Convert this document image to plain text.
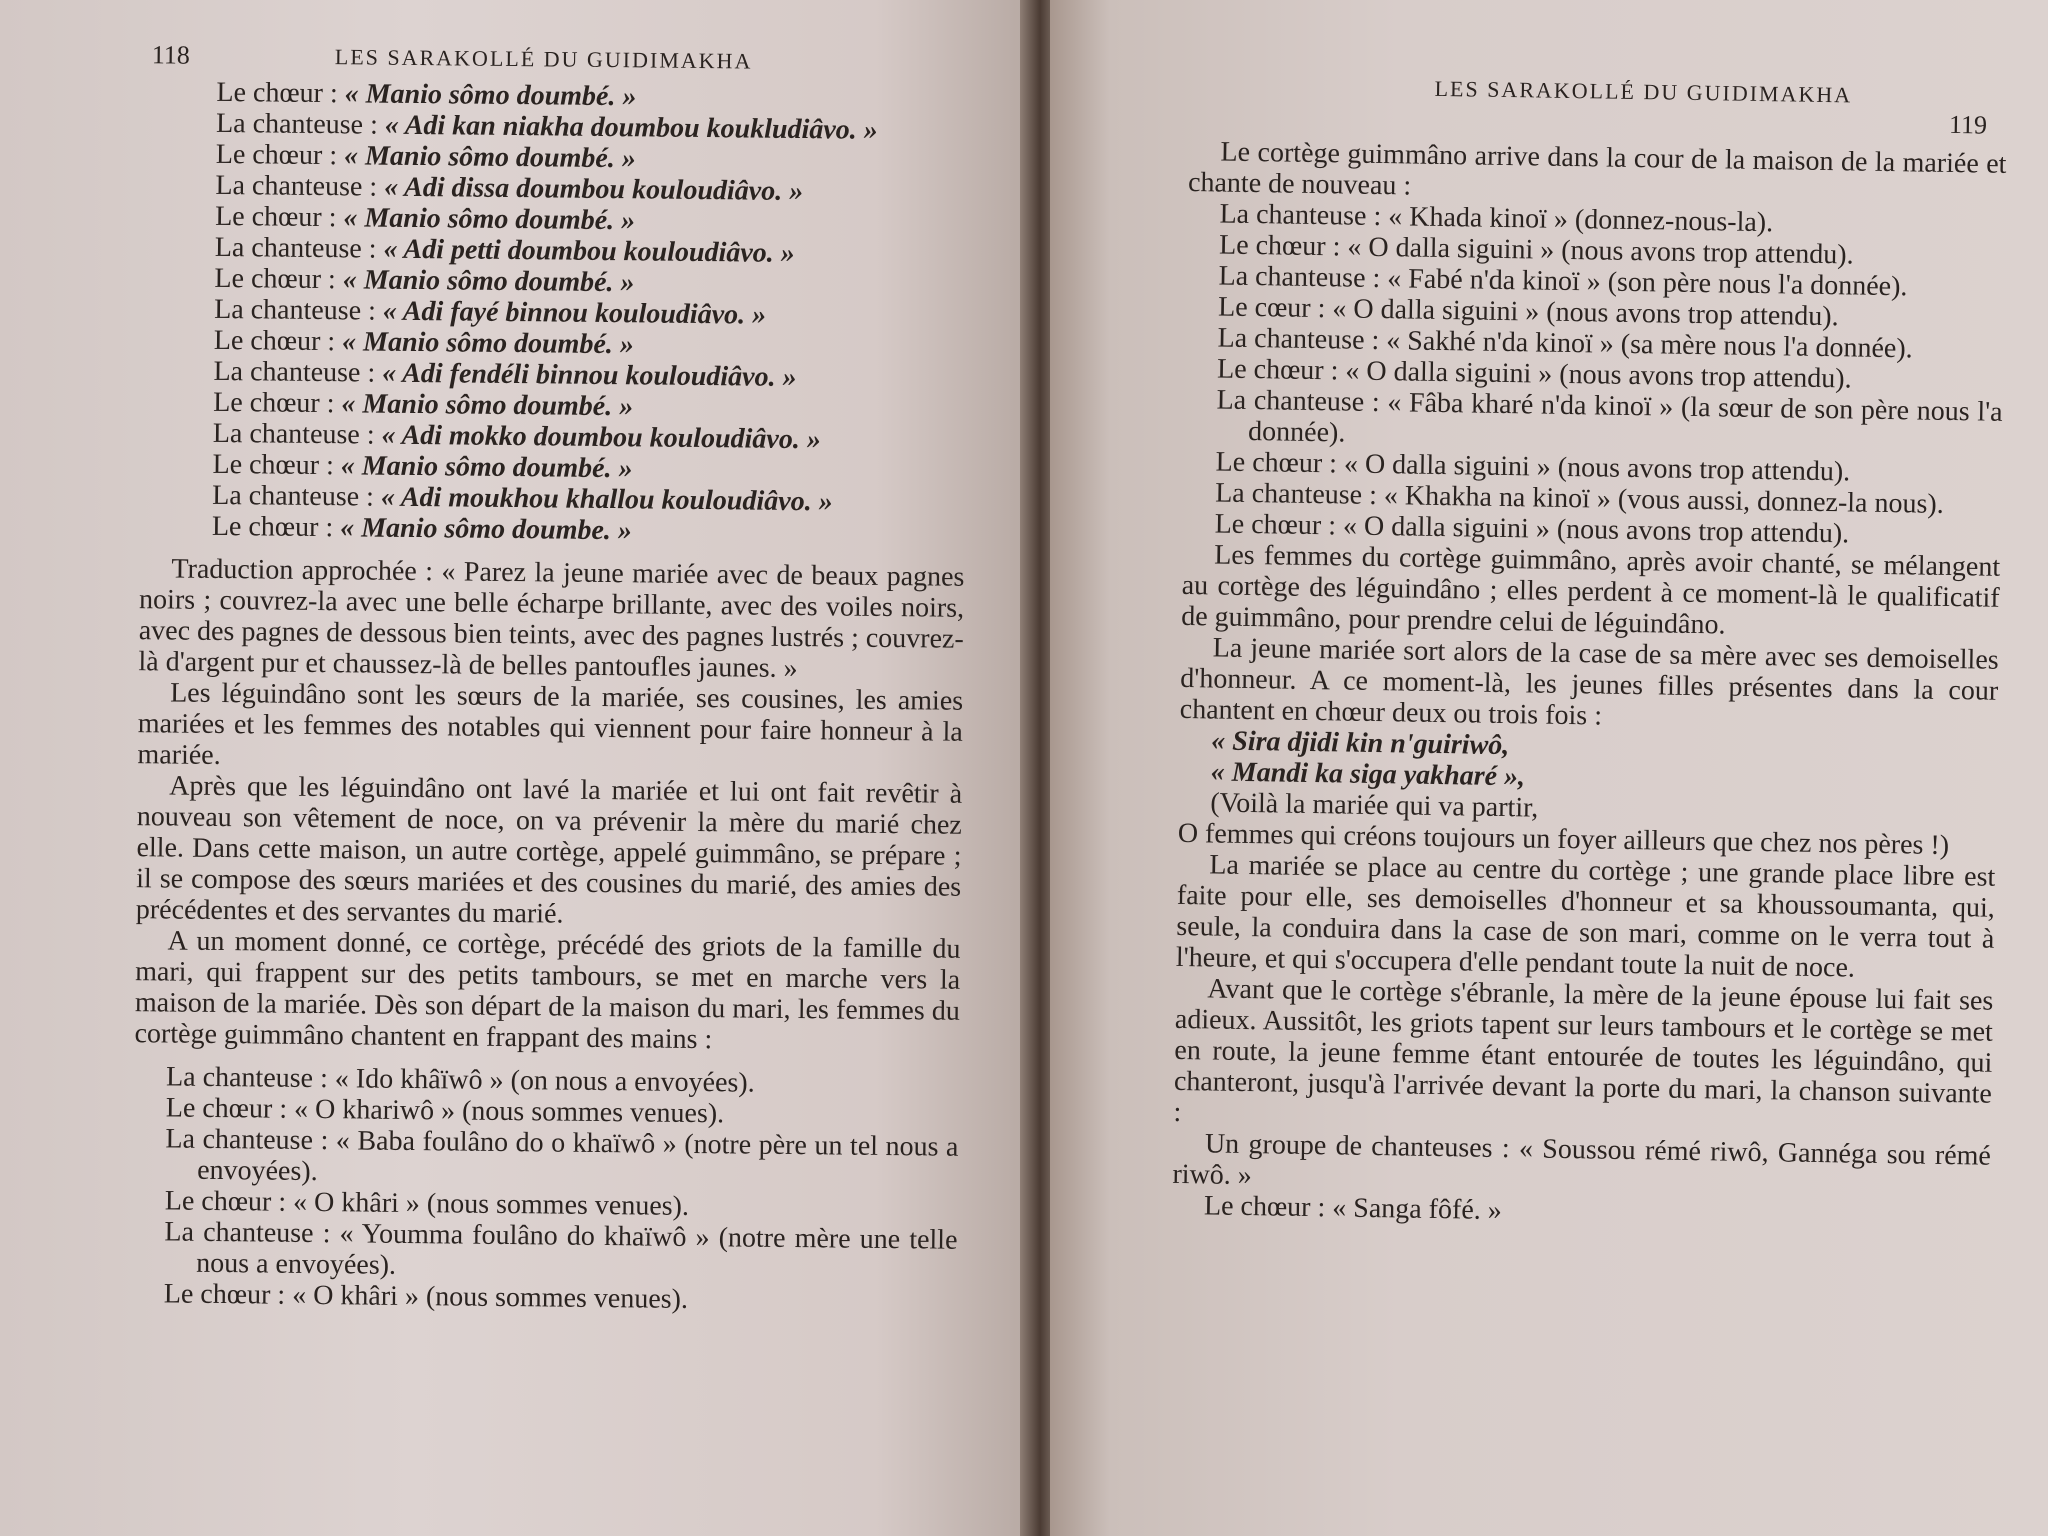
118	LES SARAKOLLÉ DU GUIDIMAKHA
Le chœur : « Manio sômo doumbé. »
La chanteuse : « Adi kan niakha doumbou koukludiâvo. »
Le chœur : « Manio sômo doumbé. »
La chanteuse : « Adi dissa doumbou kouloudiâvo. »
Le chœur : « Manio sômo doumbé. »
La chanteuse : « Adi petti doumbou kouloudiâvo. »
Le chœur : « Manio sômo doumbé. »
La chanteuse : « Adi fayé binnou kouloudiâvo. »
Le chœur : « Manio sômo doumbé. »
La chanteuse : « Adi fendéli binnou kouloudiâvo. »
Le chœur : « Manio sômo doumbé. »
La chanteuse : « Adi mokko doumbou kouloudiâvo. »
Le chœur : « Manio sômo doumbé. »
La chanteuse : « Adi moukhou khallou kouloudiâvo. »
Le chœur : « Manio sômo doumbe. »

Traduction approchée : « Parez la jeune mariée avec de beaux pagnes noirs ; couvrez-la avec une belle écharpe brillante, avec des voiles noirs, avec des pagnes de dessous bien teints, avec des pagnes lustrés ; couvrez-là d'argent pur et chaussez-là de belles pantoufles jaunes. »

Les léguindâno sont les sœurs de la mariée, ses cousines, les amies mariées et les femmes des notables qui viennent pour faire honneur à la mariée.

Après que les léguindâno ont lavé la mariée et lui ont fait revêtir à nouveau son vêtement de noce, on va prévenir la mère du marié chez elle. Dans cette maison, un autre cortège, appelé guimmâno, se prépare ; il se compose des sœurs mariées et des cousines du marié, des amies des précédentes et des servantes du marié.

A un moment donné, ce cortège, précédé des griots de la famille du mari, qui frappent sur des petits tambours, se met en marche vers la maison de la mariée. Dès son départ de la maison du mari, les femmes du cortège guimmâno chantent en frappant des mains :

La chanteuse : « Ido khâïwô » (on nous a envoyées).
Le chœur : « O khariwô » (nous sommes venues).
La chanteuse : « Baba foulâno do o khaïwô » (notre père un tel nous a envoyées).
Le chœur : « O khâri » (nous sommes venues).
La chanteuse : « Youmma foulâno do khaïwô » (notre mère une telle nous a envoyées).
Le chœur : « O khâri » (nous sommes venues).
LES SARAKOLLÉ DU GUIDIMAKHA
119

Le cortège guimmâno arrive dans la cour de la maison de la mariée et chante de nouveau :

La chanteuse : « Khada kinoï » (donnez-nous-la).
Le chœur : « O dalla siguini » (nous avons trop attendu).
La chanteuse : « Fabé n'da kinoï » (son père nous l'a donnée).
Le cœur : « O dalla siguini » (nous avons trop attendu).
La chanteuse : « Sakhé n'da kinoï » (sa mère nous l'a donnée).
Le chœur : « O dalla siguini » (nous avons trop attendu).
La chanteuse : « Fâba kharé n'da kinoï » (la sœur de son père nous l'a donnée).
Le chœur : « O dalla siguini » (nous avons trop attendu).
La chanteuse : « Khakha na kinoï » (vous aussi, donnez-la nous).
Le chœur : « O dalla siguini » (nous avons trop attendu).

Les femmes du cortège guimmâno, après avoir chanté, se mélangent au cortège des léguindâno ; elles perdent à ce moment-là le qualificatif de guimmâno, pour prendre celui de léguindâno.

La jeune mariée sort alors de la case de sa mère avec ses demoiselles d'honneur. A ce moment-là, les jeunes filles présentes dans la cour chantent en chœur deux ou trois fois :

« Sira djidi kin n'guiriwô,
« Mandi ka siga yakharé »,
(Voilà la mariée qui va partir,
O femmes qui créons toujours un foyer ailleurs que chez nos pères !)

La mariée se place au centre du cortège ; une grande place libre est faite pour elle, ses demoiselles d'honneur et sa khoussoumanta, qui, seule, la conduira dans la case de son mari, comme on le verra tout à l'heure, et qui s'occupera d'elle pendant toute la nuit de noce.

Avant que le cortège s'ébranle, la mère de la jeune épouse lui fait ses adieux. Aussitôt, les griots tapent sur leurs tambours et le cortège se met en route, la jeune femme étant entourée de toutes les léguindâno, qui chanteront, jusqu'à l'arrivée devant la porte du mari, la chanson suivante :

Un groupe de chanteuses : « Soussou rémé riwô, Gannéga sou rémé riwô. »

Le chœur : « Sanga fôfé. »
